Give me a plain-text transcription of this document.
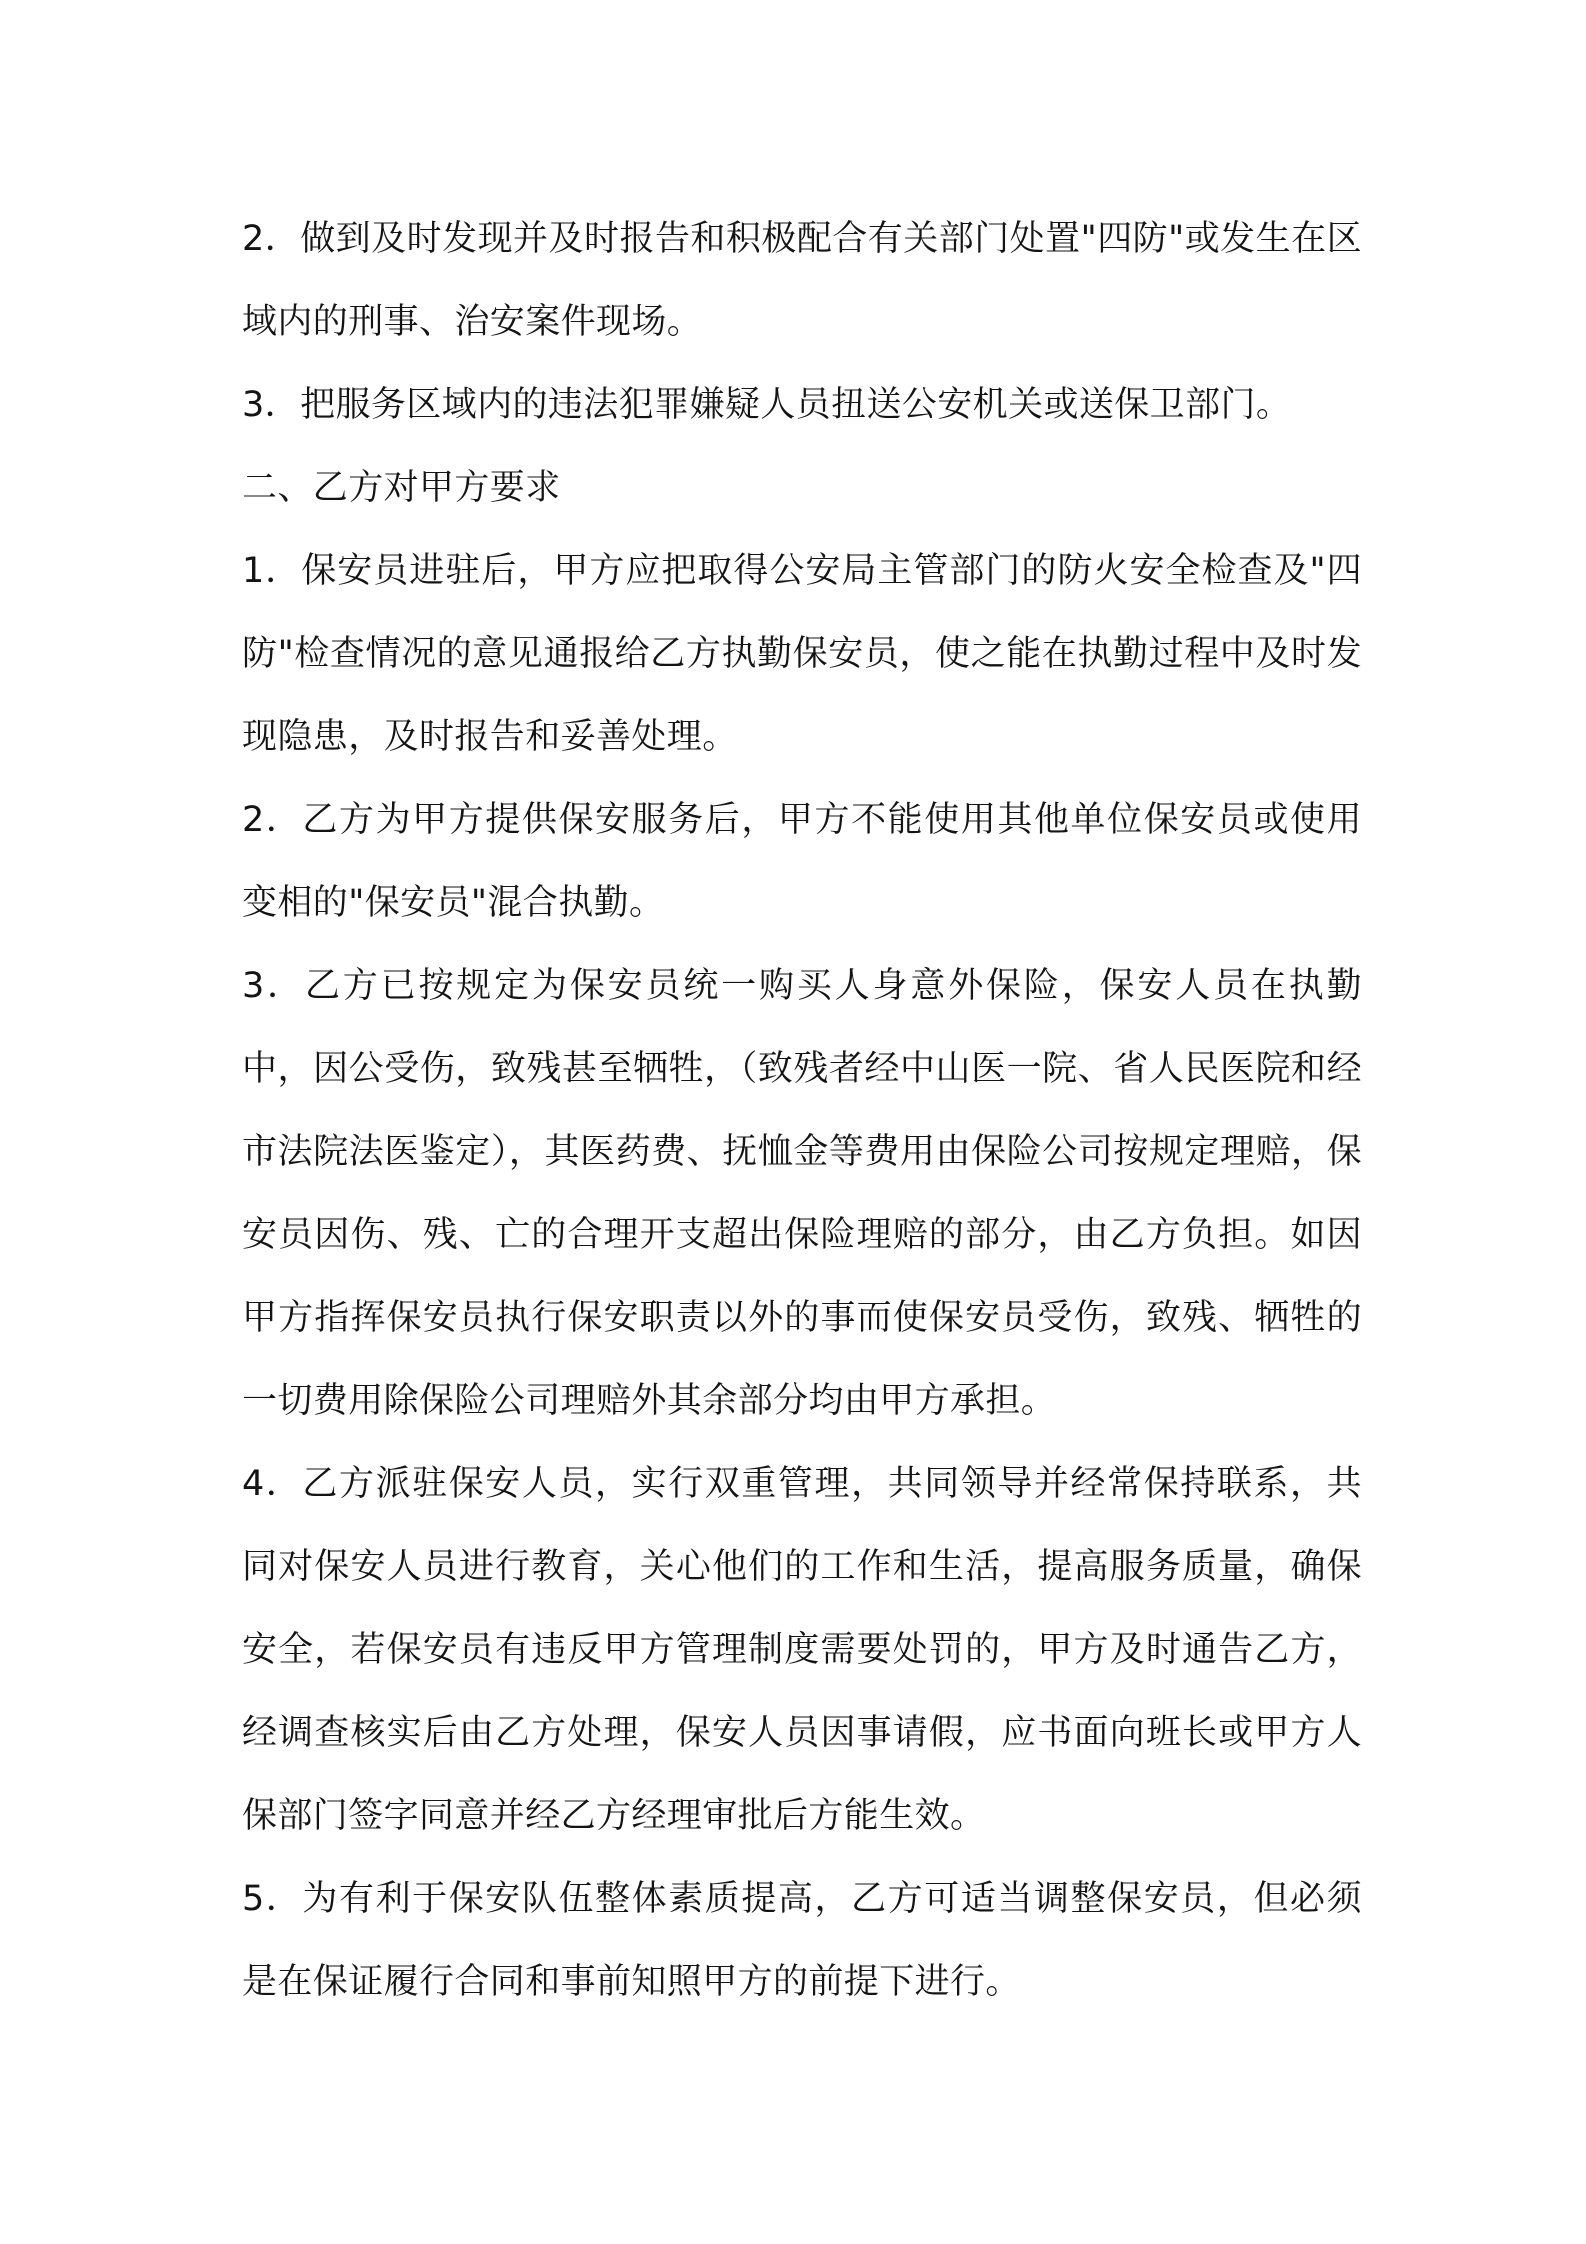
2．做到及时发现并及时报告和积极配合有关部门处置"四防"或发生在区域内的刑事、治安案件现场。

3．把服务区域内的违法犯罪嫌疑人员扭送公安机关或送保卫部门。

二、乙方对甲方要求

1．保安员进驻后，甲方应把取得公安局主管部门的防火安全检查及"四防"检查情况的意见通报给乙方执勤保安员，使之能在执勤过程中及时发现隐患，及时报告和妥善处理。

2．乙方为甲方提供保安服务后，甲方不能使用其他单位保安员或使用变相的"保安员"混合执勤。

3．乙方已按规定为保安员统一购买人身意外保险，保安人员在执勤中，因公受伤，致残甚至牺牲，（致残者经中山医一院、省人民医院和经市法院法医鉴定），其医药费、抚恤金等费用由保险公司按规定理赔，保安员因伤、残、亡的合理开支超出保险理赔的部分，由乙方负担。如因甲方指挥保安员执行保安职责以外的事而使保安员受伤，致残、牺牲的一切费用除保险公司理赔外其余部分均由甲方承担。

4．乙方派驻保安人员，实行双重管理，共同领导并经常保持联系，共同对保安人员进行教育，关心他们的工作和生活，提高服务质量，确保安全，若保安员有违反甲方管理制度需要处罚的，甲方及时通告乙方，经调查核实后由乙方处理，保安人员因事请假，应书面向班长或甲方人保部门签字同意并经乙方经理审批后方能生效。

5．为有利于保安队伍整体素质提高，乙方可适当调整保安员，但必须是在保证履行合同和事前知照甲方的前提下进行。
